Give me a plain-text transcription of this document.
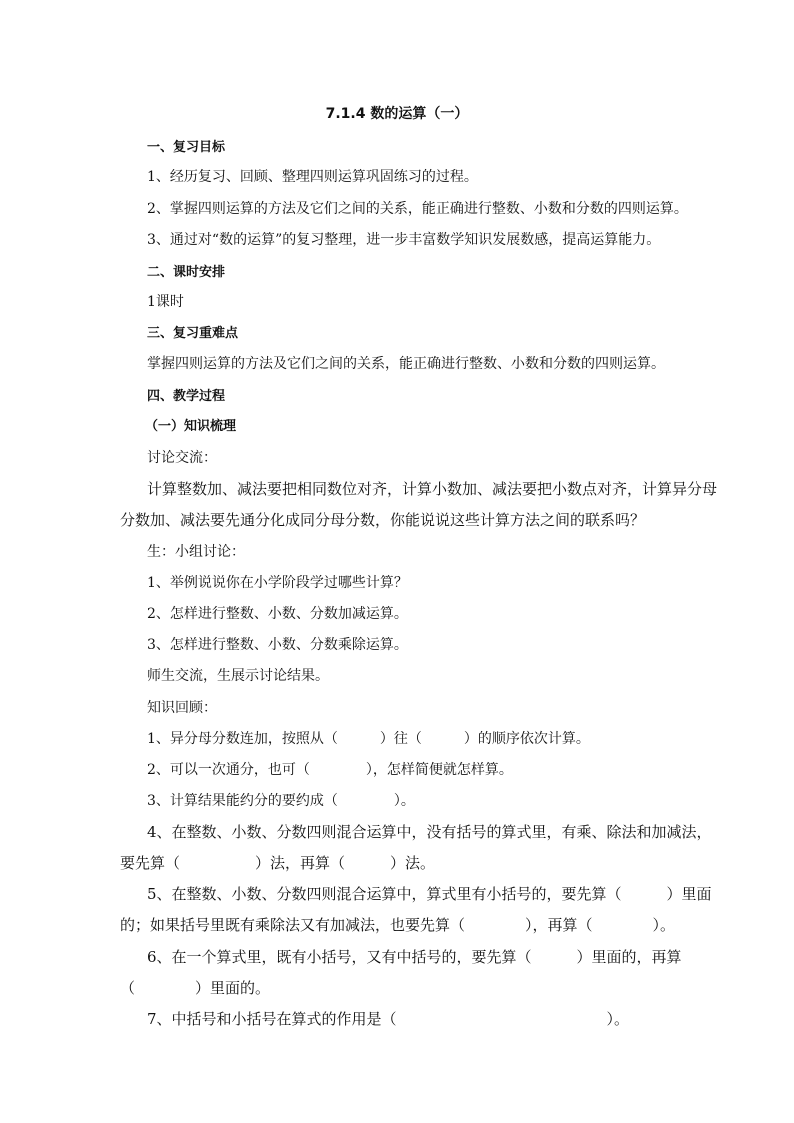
7.1.4 数的运算（一）
一、复习目标
1、经历复习、回顾、整理四则运算巩固练习的过程。
2、掌握四则运算的方法及它们之间的关系，能正确进行整数、小数和分数的四则运算。
3、通过对“数的运算”的复习整理，进一步丰富数学知识发展数感，提高运算能力。
二、课时安排
1课时
三、复习重难点
掌握四则运算的方法及它们之间的关系，能正确进行整数、小数和分数的四则运算。
四、教学过程
（一）知识梳理
讨论交流：
计算整数加、减法要把相同数位对齐，计算小数加、减法要把小数点对齐，计算异分母
分数加、减法要先通分化成同分母分数，你能说说这些计算方法之间的联系吗？
生：小组讨论：
1、举例说说你在小学阶段学过哪些计算？
2、怎样进行整数、小数、分数加减运算。
3、怎样进行整数、小数、分数乘除运算。
师生交流，生展示讨论结果。
知识回顾：
1、异分母分数连加，按照从（　　　）往（　　　）的顺序依次计算。
2、可以一次通分，也可（　　　　），怎样简便就怎样算。
3、计算结果能约分的要约成（　　　　）。
4、在整数、小数、分数四则混合运算中，没有括号的算式里，有乘、除法和加减法，
要先算（　　　　　）法，再算（　　　）法。
5、在整数、小数、分数四则混合运算中，算式里有小括号的，要先算（　　　）里面
的；如果括号里既有乘除法又有加减法，也要先算（　　　　），再算（　　　　）。
6、在一个算式里，既有小括号，又有中括号的，要先算（　　　）里面的，再算
（　　　　）里面的。
7、中括号和小括号在算式的作用是（　　　　　　　　　　　　　　）。
